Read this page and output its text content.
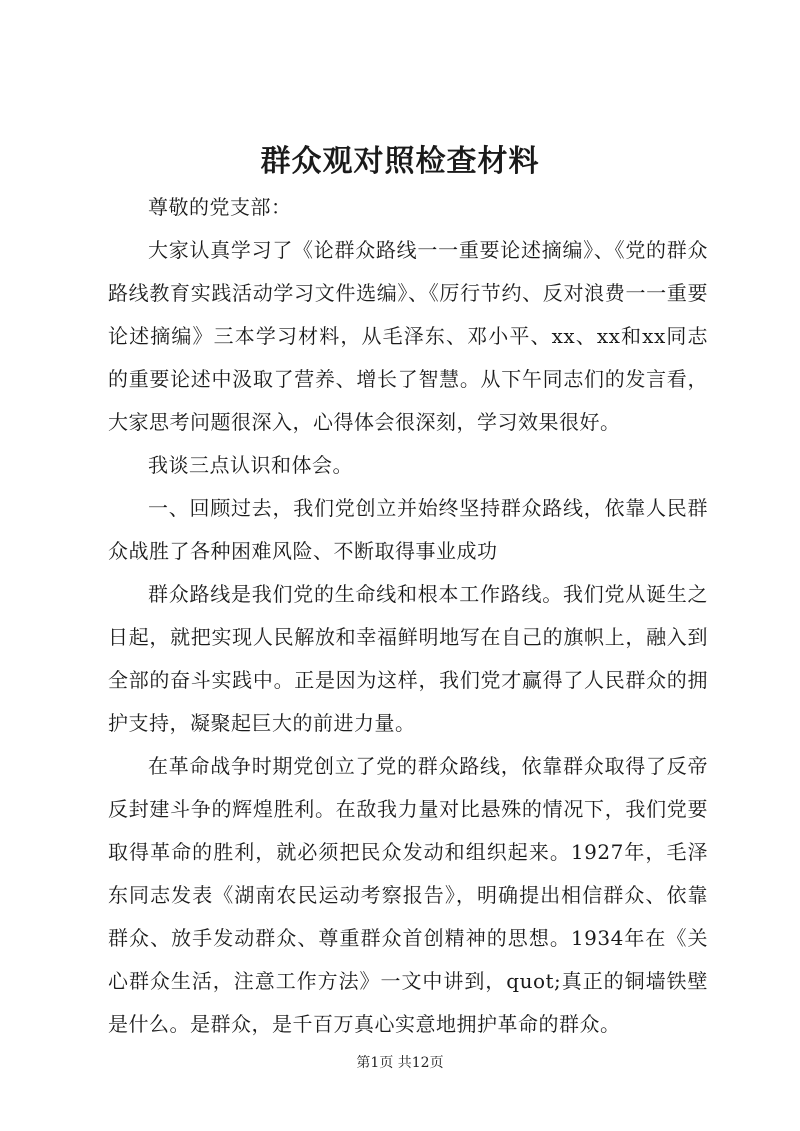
群众观对照检查材料

尊敬的党支部：

大家认真学习了《论群众路线一一重要论述摘编》、《党的群众路线教育实践活动学习文件选编》、《厉行节约、反对浪费一一重要论述摘编》三本学习材料，从毛泽东、邓小平、xx、xx和xx同志的重要论述中汲取了营养、增长了智慧。从下午同志们的发言看，大家思考问题很深入，心得体会很深刻，学习效果很好。

我谈三点认识和体会。

一、回顾过去，我们党创立并始终坚持群众路线，依靠人民群众战胜了各种困难风险、不断取得事业成功

群众路线是我们党的生命线和根本工作路线。我们党从诞生之日起，就把实现人民解放和幸福鲜明地写在自己的旗帜上，融入到全部的奋斗实践中。正是因为这样，我们党才赢得了人民群众的拥护支持，凝聚起巨大的前进力量。

在革命战争时期党创立了党的群众路线，依靠群众取得了反帝反封建斗争的辉煌胜利。在敌我力量对比悬殊的情况下，我们党要取得革命的胜利，就必须把民众发动和组织起来。1927年，毛泽东同志发表《湖南农民运动考察报告》，明确提出相信群众、依靠群众、放手发动群众、尊重群众首创精神的思想。1934年在《关心群众生活，注意工作方法》一文中讲到，quot;真正的铜墙铁壁是什么。是群众，是千百万真心实意地拥护革命的群众。

第1页 共12页
